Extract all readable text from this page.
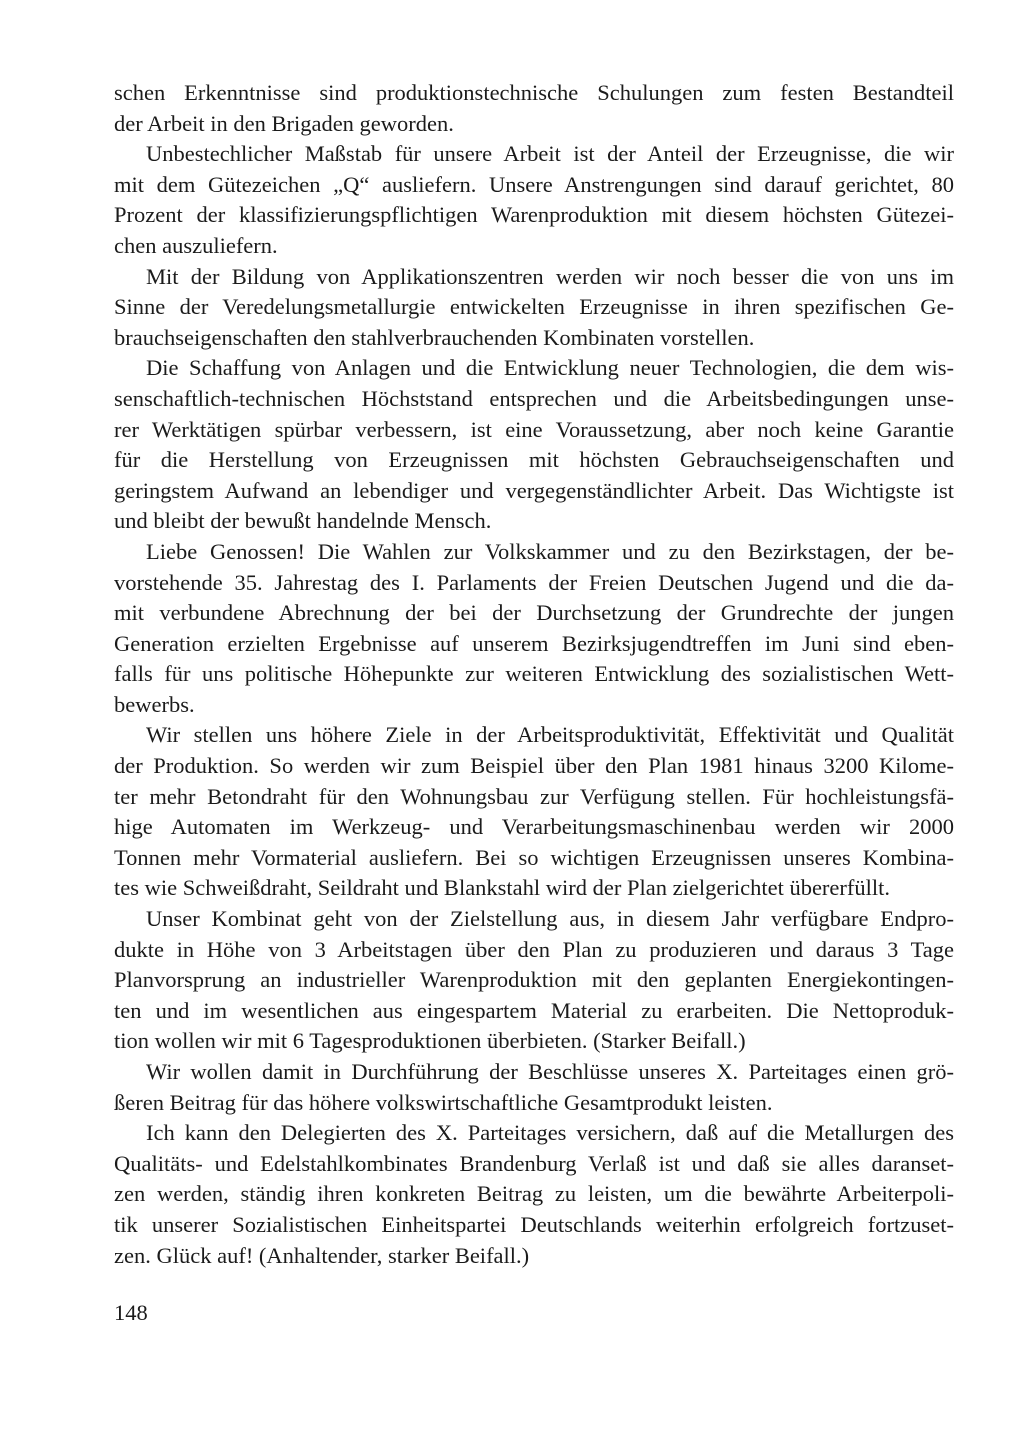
schen Erkenntnisse sind produktionstechnische Schulungen zum festen Bestandteil
der Arbeit in den Brigaden geworden.
Unbestechlicher Maßstab für unsere Arbeit ist der Anteil der Erzeugnisse, die wir
mit dem Gütezeichen „Q“ ausliefern. Unsere Anstrengungen sind darauf gerichtet, 80
Prozent der klassifizierungspflichtigen Warenproduktion mit diesem höchsten Gütezei-
chen auszuliefern.
Mit der Bildung von Applikationszentren werden wir noch besser die von uns im
Sinne der Veredelungsmetallurgie entwickelten Erzeugnisse in ihren spezifischen Ge-
brauchseigenschaften den stahlverbrauchenden Kombinaten vorstellen.
Die Schaffung von Anlagen und die Entwicklung neuer Technologien, die dem wis-
senschaftlich-technischen Höchststand entsprechen und die Arbeitsbedingungen unse-
rer Werktätigen spürbar verbessern, ist eine Voraussetzung, aber noch keine Garantie
für die Herstellung von Erzeugnissen mit höchsten Gebrauchseigenschaften und
geringstem Aufwand an lebendiger und vergegenständlichter Arbeit. Das Wichtigste ist
und bleibt der bewußt handelnde Mensch.
Liebe Genossen! Die Wahlen zur Volkskammer und zu den Bezirkstagen, der be-
vorstehende 35. Jahrestag des I. Parlaments der Freien Deutschen Jugend und die da-
mit verbundene Abrechnung der bei der Durchsetzung der Grundrechte der jungen
Generation erzielten Ergebnisse auf unserem Bezirksjugendtreffen im Juni sind eben-
falls für uns politische Höhepunkte zur weiteren Entwicklung des sozialistischen Wett-
bewerbs.
Wir stellen uns höhere Ziele in der Arbeitsproduktivität, Effektivität und Qualität
der Produktion. So werden wir zum Beispiel über den Plan 1981 hinaus 3200 Kilome-
ter mehr Betondraht für den Wohnungsbau zur Verfügung stellen. Für hochleistungsfä-
hige Automaten im Werkzeug- und Verarbeitungsmaschinenbau werden wir 2000
Tonnen mehr Vormaterial ausliefern. Bei so wichtigen Erzeugnissen unseres Kombina-
tes wie Schweißdraht, Seildraht und Blankstahl wird der Plan zielgerichtet übererfüllt.
Unser Kombinat geht von der Zielstellung aus, in diesem Jahr verfügbare Endpro-
dukte in Höhe von 3 Arbeitstagen über den Plan zu produzieren und daraus 3 Tage
Planvorsprung an industrieller Warenproduktion mit den geplanten Energiekontingen-
ten und im wesentlichen aus eingespartem Material zu erarbeiten. Die Nettoproduk-
tion wollen wir mit 6 Tagesproduktionen überbieten. (Starker Beifall.)
Wir wollen damit in Durchführung der Beschlüsse unseres X. Parteitages einen grö-
ßeren Beitrag für das höhere volkswirtschaftliche Gesamtprodukt leisten.
Ich kann den Delegierten des X. Parteitages versichern, daß auf die Metallurgen des
Qualitäts- und Edelstahlkombinates Brandenburg Verlaß ist und daß sie alles daranset-
zen werden, ständig ihren konkreten Beitrag zu leisten, um die bewährte Arbeiterpoli-
tik unserer Sozialistischen Einheitspartei Deutschlands weiterhin erfolgreich fortzuset-
zen. Glück auf! (Anhaltender, starker Beifall.)
148
